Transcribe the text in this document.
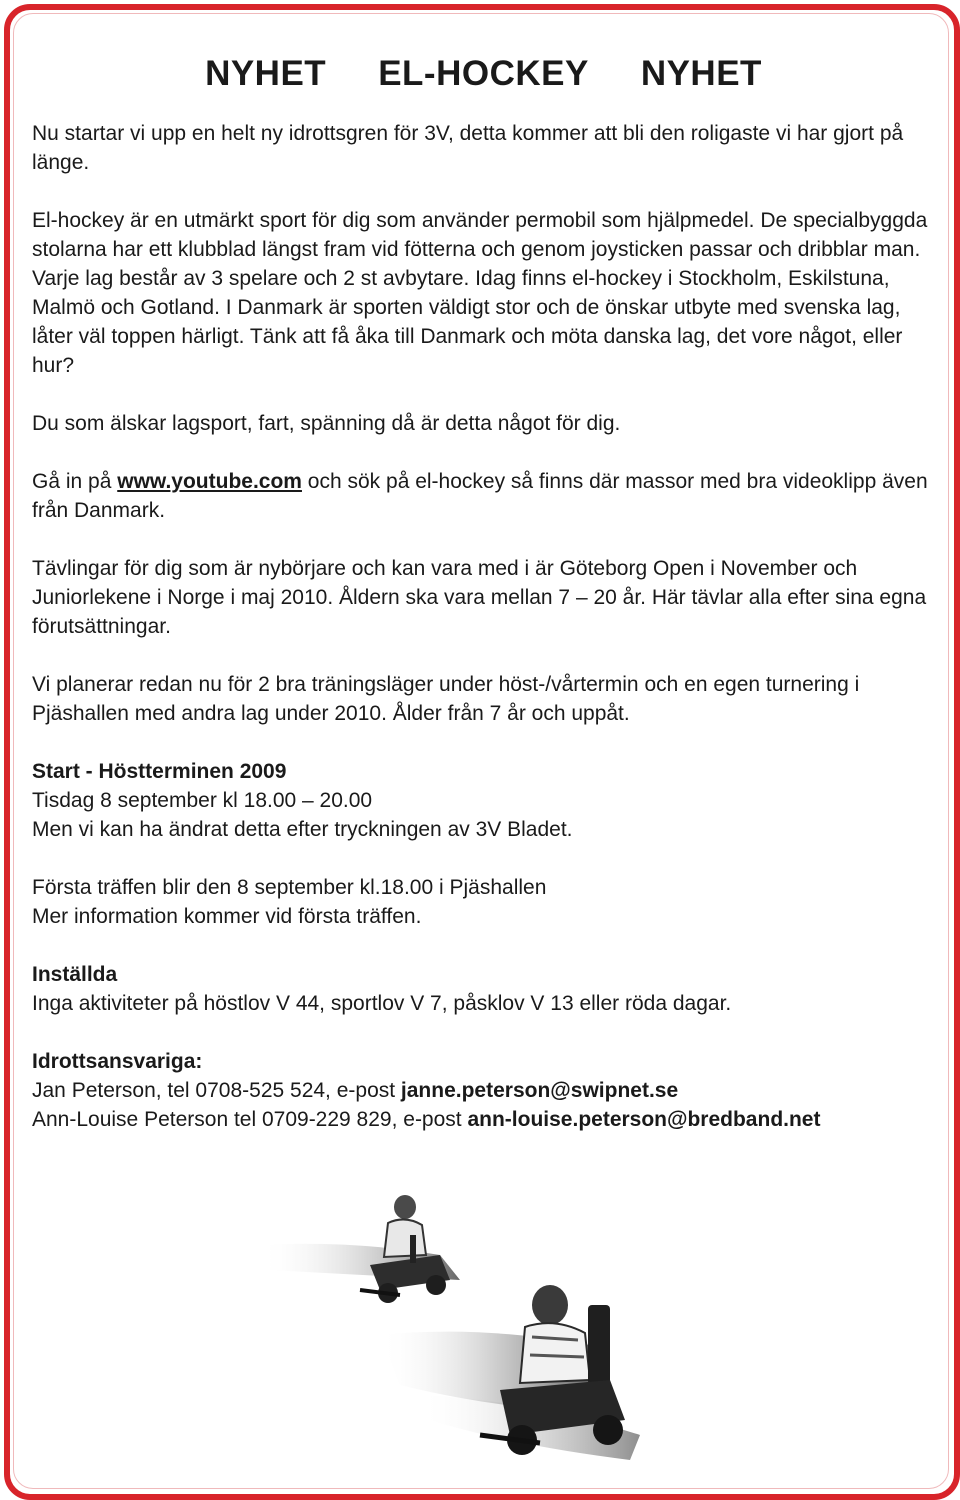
NYHET EL-HOCKEY NYHET

Nu startar vi upp en helt ny idrottsgren för 3V, detta kommer att bli den roligaste vi har gjort på länge.

El-hockey är en utmärkt sport för dig som använder permobil som hjälpmedel. De specialbyggda stolarna har ett klubblad längst fram vid fötterna och genom joysticken passar och dribblar man. Varje lag består av 3 spelare och 2 st avbytare. Idag finns el-hockey i Stockholm, Eskilstuna, Malmö och Gotland. I Danmark är sporten väldigt stor och de önskar utbyte med svenska lag, låter väl toppen härligt. Tänk att få åka till Danmark och möta danska lag, det vore något, eller hur?

Du som älskar lagsport, fart, spänning då är detta något för dig.

Gå in på www.youtube.com och sök på el-hockey så finns där massor med bra videoklipp även från Danmark.

Tävlingar för dig som är nybörjare och kan vara med i är Göteborg Open i November och Juniorlekene i Norge i maj 2010. Åldern ska vara mellan 7 – 20 år. Här tävlar alla efter sina egna förutsättningar.

Vi planerar redan nu för 2 bra träningsläger under höst-/vårtermin och en egen turnering i Pjäshallen med andra lag under 2010. Ålder från 7 år och uppåt.

Start - Höstterminen 2009
Tisdag 8 september kl 18.00 – 20.00
Men vi kan ha ändrat detta efter tryckningen av 3V Bladet.

Första träffen blir den 8 september kl.18.00 i Pjäshallen
Mer information kommer vid första träffen.

Inställda
Inga aktiviteter på höstlov V 44, sportlov V 7, påsklov V 13 eller röda dagar.

Idrottsansvariga:
Jan Peterson, tel 0708-525 524, e-post janne.peterson@swipnet.se
Ann-Louise Peterson tel 0709-229 829, e-post ann-louise.peterson@bredband.net
